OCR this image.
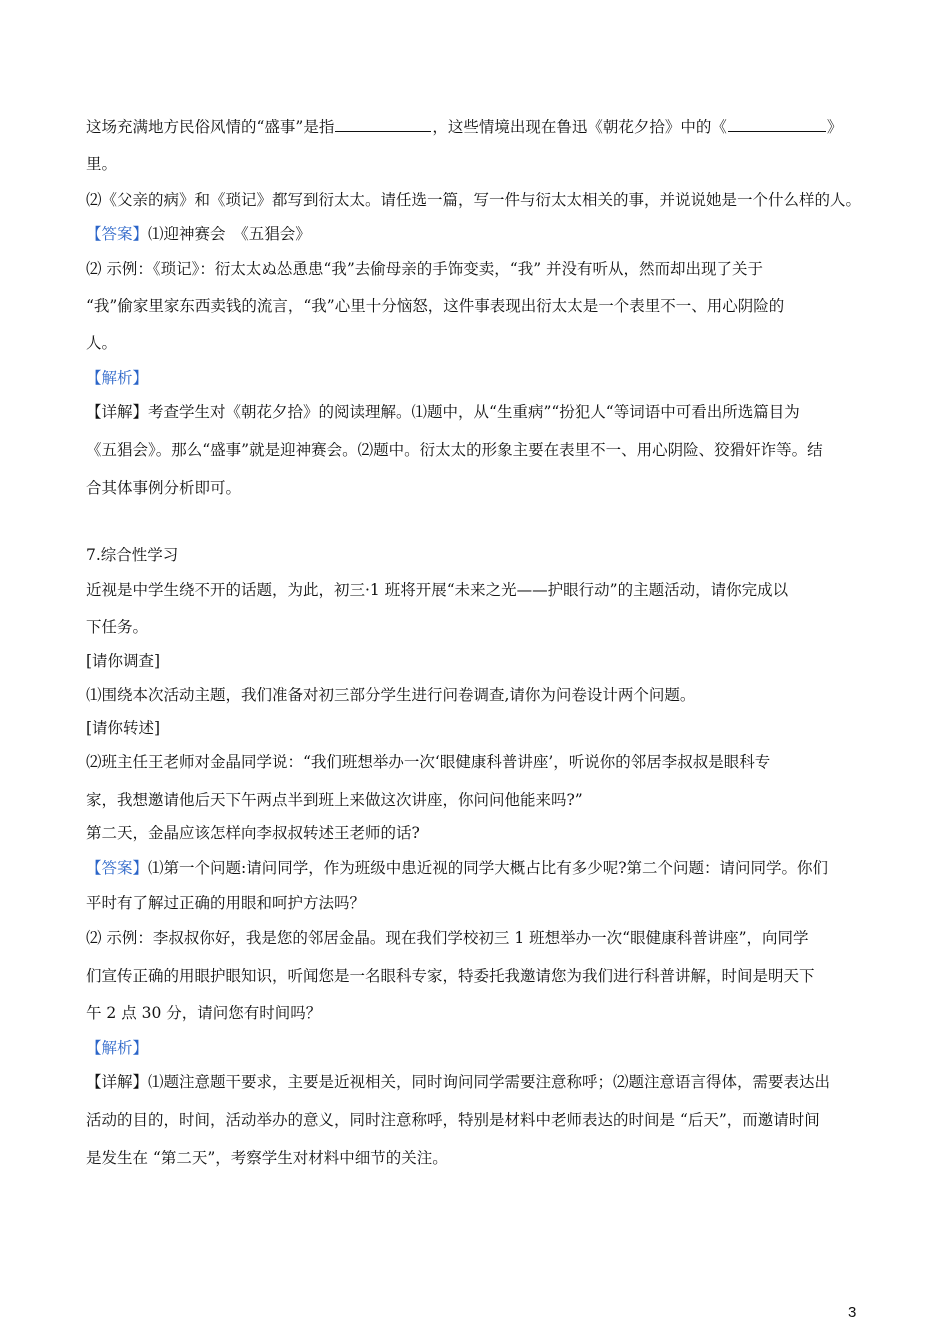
这场充满地方民俗风情的“盛事”是指	，这些情境出现在鲁迅《朝花夕拾》中的《	》
里。
⑵《父亲的病》和《琐记》都写到衍太太。请任选一篇，写一件与衍太太相关的事，并说说她是一个什么样的人。
【答案】⑴迎神赛会　《五猖会》
⑵ 示例：《琐记》：衍太太ぬ怂恿患“我”去偷母亲的手饰变卖，“我” 并没有听从，然而却出现了关于
“我”偷家里家东西卖钱的流言，“我”心里十分恼怒，这件事表现出衍太太是一个表里不一、用心阴险的
人。
【解析】
【详解】考查学生对《朝花夕拾》的阅读理解。⑴题中，从“生重病”“扮犯人“等词语中可看出所选篇目为
《五猖会》。那么“盛事”就是迎神赛会。⑵题中。衍太太的形象主要在表里不一、用心阴险、狡猾奸诈等。结
合其体事例分析即可。
7.综合性学习
近视是中学生绕不开的话题，为此，初三·1 班将开展“未来之光——护眼行动”的主题活动，请你完成以
下任务。
[请你调查]
⑴围绕本次活动主题，我们准备对初三部分学生进行问卷调查,请你为问卷设计两个问题。
[请你转述]
⑵班主任王老师对金晶同学说：“我们班想举办一次‘眼健康科普讲座’，听说你的邻居李叔叔是眼科专
家，我想邀请他后天下午两点半到班上来做这次讲座，你问问他能来吗?”
第二天，金晶应该怎样向李叔叔转述王老师的话?
【答案】⑴第一个问题:请问同学，作为班级中患近视的同学大概占比有多少呢?第二个问题：请问同学。你们
平时有了解过正确的用眼和呵护方法吗？
⑵ 示例：李叔叔你好，我是您的邻居金晶。现在我们学校初三 1 班想举办一次“眼健康科普讲座”，向同学
们宣传正确的用眼护眼知识，听闻您是一名眼科专家，特委托我邀请您为我们进行科普讲解，时间是明天下
午 2 点 30 分，请问您有时间吗？
【解析】
【详解】⑴题注意题干要求，主要是近视相关，同时询问同学需要注意称呼；⑵题注意语言得体，需要表达出
活动的目的，时间，活动举办的意义，同时注意称呼，特别是材料中老师表达的时间是 “后天”，而邀请时间
是发生在 “第二天”，考察学生对材料中细节的关注。
3
